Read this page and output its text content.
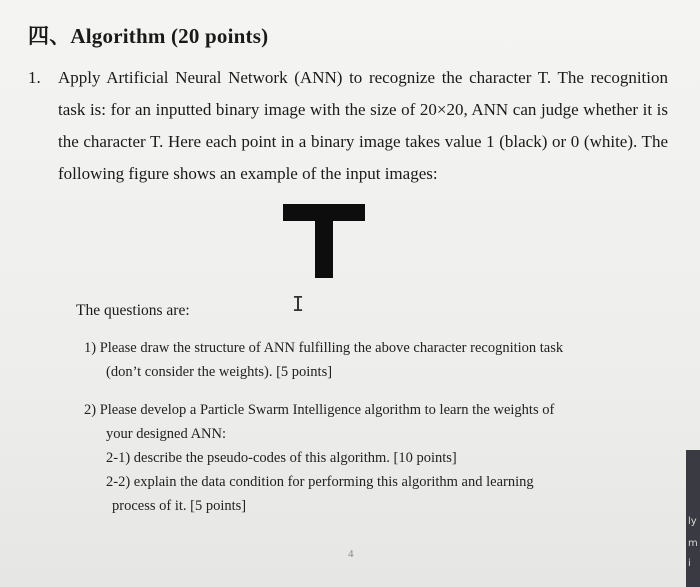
四、Algorithm (20 points)
1. Apply Artificial Neural Network (ANN) to recognize the character T. The recognition task is: for an inputted binary image with the size of 20×20, ANN can judge whether it is the character T. Here each point in a binary image takes value 1 (black) or 0 (white). The following figure shows an example of the input images:
I
The questions are:
1) Please draw the structure of ANN fulfilling the above character recognition task
(don’t consider the weights). [5 points]
2) Please develop a Particle Swarm Intelligence algorithm to learn the weights of
your designed ANN:
2-1) describe the pseudo-codes of this algorithm. [10 points]
2-2) explain the data condition for performing this algorithm and learning
process of it. [5 points]
4
ly
m
i
